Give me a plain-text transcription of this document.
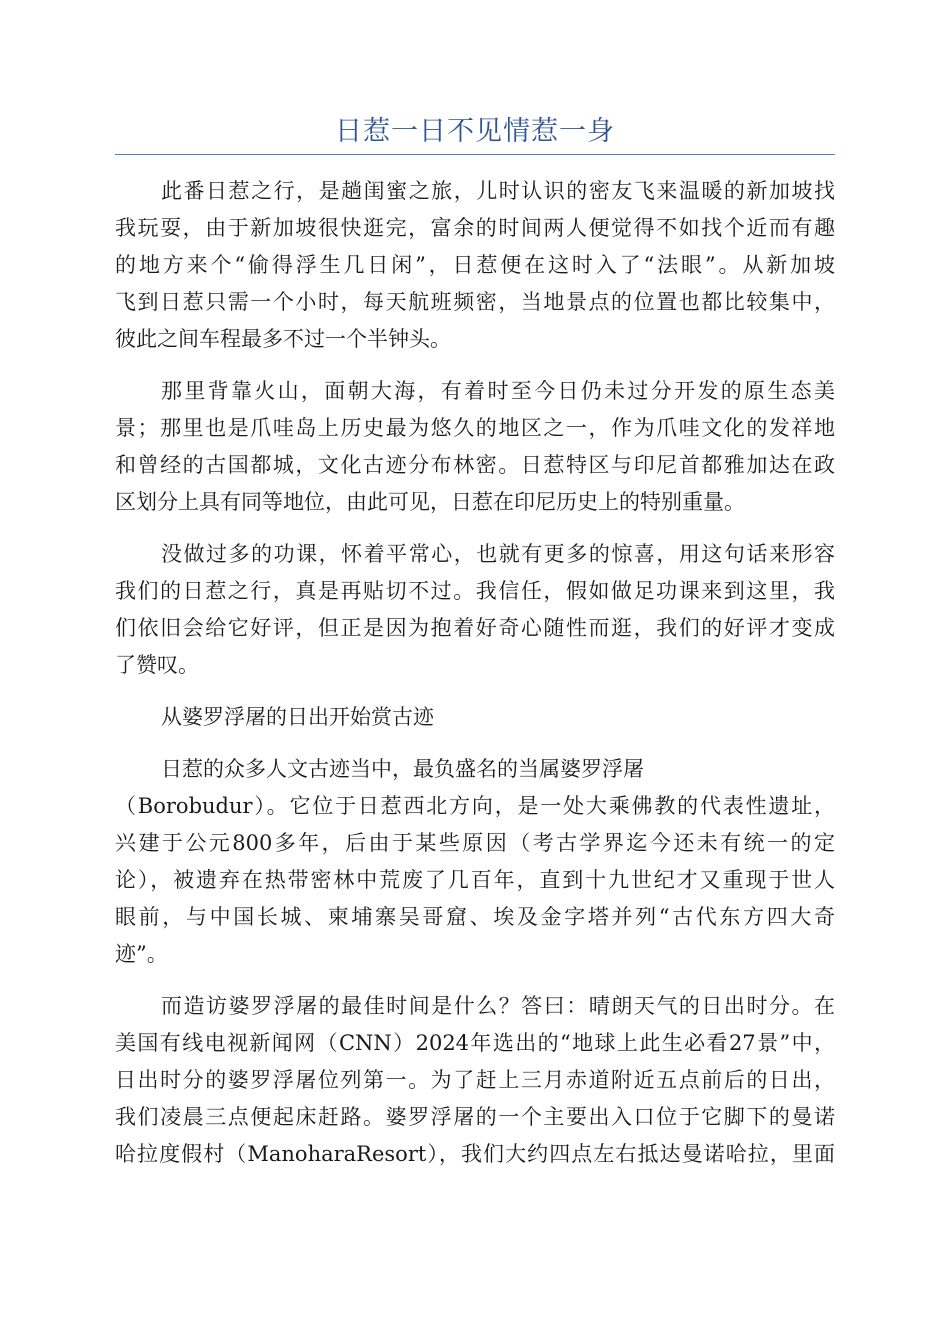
日惹一日不见情惹一身
此番日惹之行，是趟闺蜜之旅，儿时认识的密友飞来温暖的新加坡找
我玩耍，由于新加坡很快逛完，富余的时间两人便觉得不如找个近而有趣
的地方来个“偷得浮生几日闲”，日惹便在这时入了“法眼”。从新加坡
飞到日惹只需一个小时，每天航班频密，当地景点的位置也都比较集中，
彼此之间车程最多不过一个半钟头。
那里背靠火山，面朝大海，有着时至今日仍未过分开发的原生态美
景；那里也是爪哇岛上历史最为悠久的地区之一，作为爪哇文化的发祥地
和曾经的古国都城，文化古迹分布林密。日惹特区与印尼首都雅加达在政
区划分上具有同等地位，由此可见，日惹在印尼历史上的特别重量。
没做过多的功课，怀着平常心，也就有更多的惊喜，用这句话来形容
我们的日惹之行，真是再贴切不过。我信任，假如做足功课来到这里，我
们依旧会给它好评，但正是因为抱着好奇心随性而逛，我们的好评才变成
了赞叹。
从婆罗浮屠的日出开始赏古迹
日惹的众多人文古迹当中，最负盛名的当属婆罗浮屠
（Borobudur）。它位于日惹西北方向，是一处大乘佛教的代表性遗址，
兴建于公元800多年，后由于某些原因（考古学界迄今还未有统一的定
论），被遗弃在热带密林中荒废了几百年，直到十九世纪才又重现于世人
眼前，与中国长城、柬埔寨吴哥窟、埃及金字塔并列“古代东方四大奇
迹”。
而造访婆罗浮屠的最佳时间是什么？答曰：晴朗天气的日出时分。在
美国有线电视新闻网（CNN）2024年选出的“地球上此生必看27景”中，
日出时分的婆罗浮屠位列第一。为了赶上三月赤道附近五点前后的日出，
我们凌晨三点便起床赶路。婆罗浮屠的一个主要出入口位于它脚下的曼诺
哈拉度假村（ManoharaResort），我们大约四点左右抵达曼诺哈拉，里面
